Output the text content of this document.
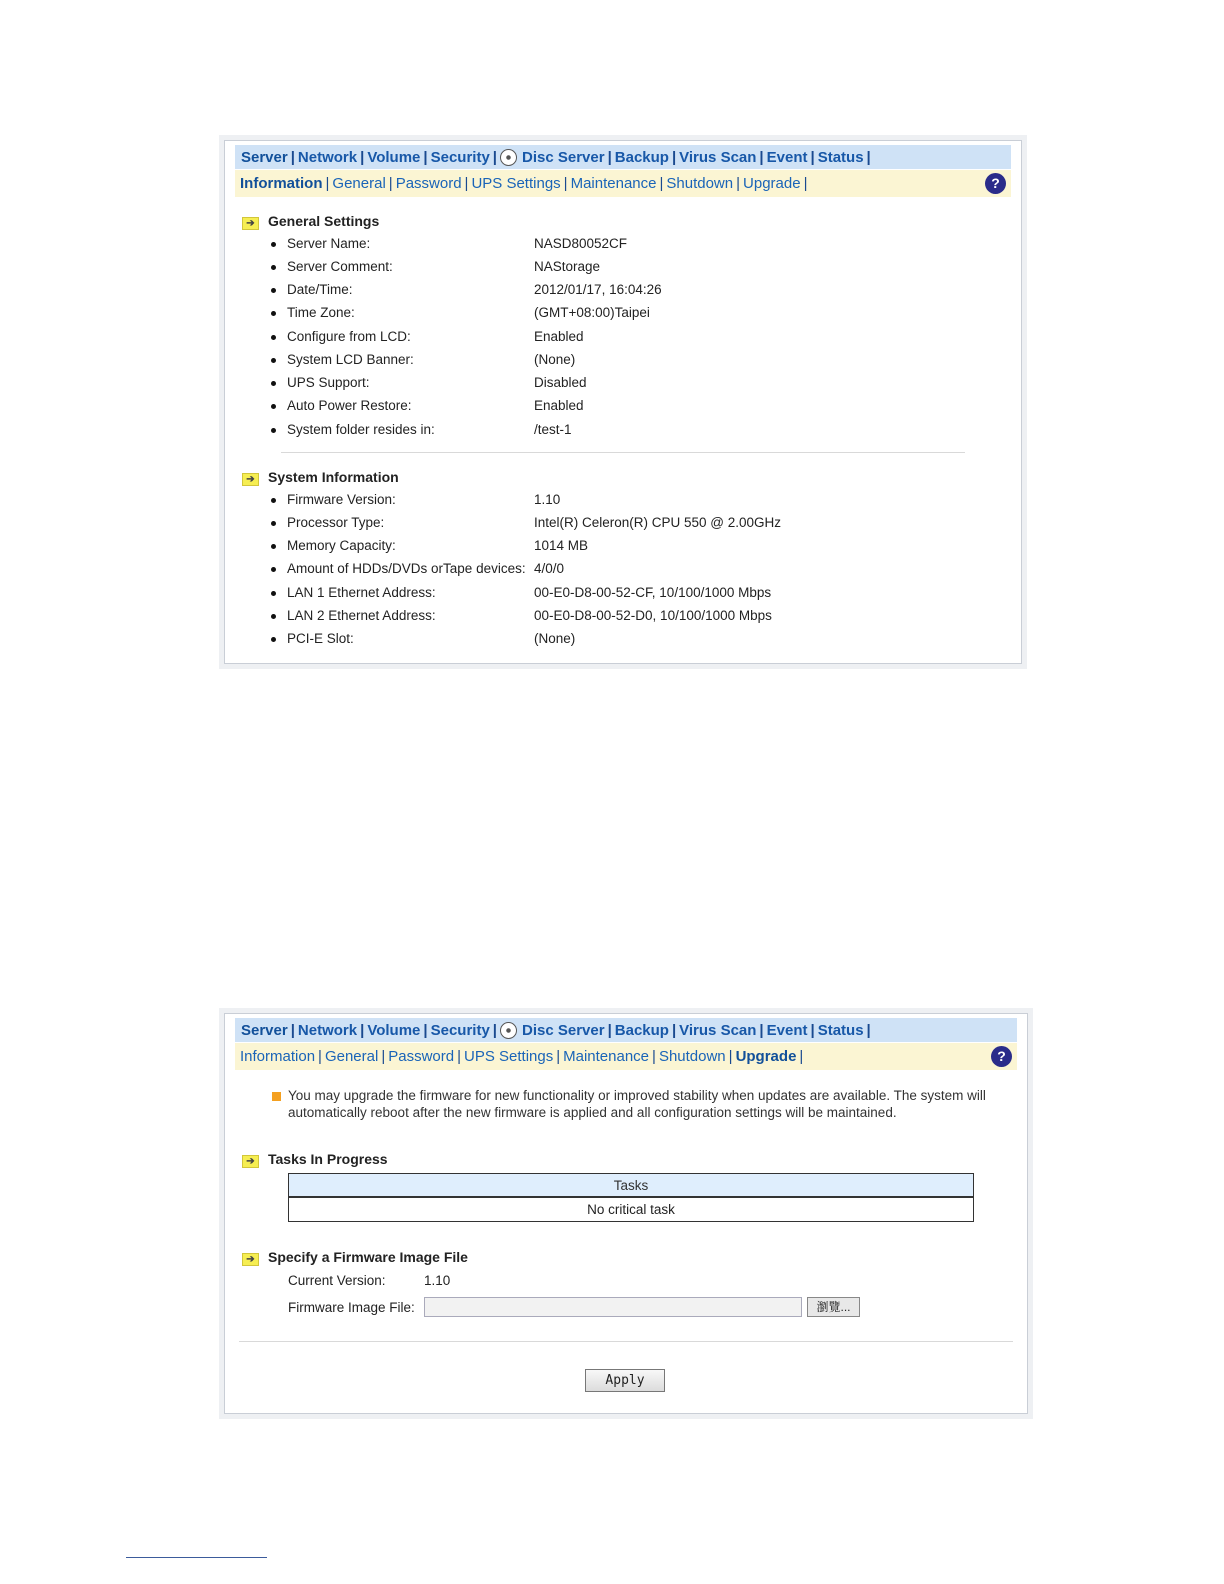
Server | Network | Volume | Security | Disc Server | Backup | Virus Scan | Event | Status |
Information | General | Password | UPS Settings | Maintenance | Shutdown | Upgrade |	?
➔ General Settings
Server Name:	NASD80052CF
Server Comment:	NAStorage
Date/Time:	2012/01/17, 16:04:26
Time Zone:	(GMT+08:00)Taipei
Configure from LCD:	Enabled
System LCD Banner:	(None)
UPS Support:	Disabled
Auto Power Restore:	Enabled
System folder resides in:	/test-1
➔ System Information
Firmware Version:	1.10
Processor Type:	Intel(R) Celeron(R) CPU 550 @ 2.00GHz
Memory Capacity:	1014 MB
Amount of HDDs/DVDs orTape devices: 4/0/0
LAN 1 Ethernet Address:	00-E0-D8-00-52-CF, 10/100/1000 Mbps
LAN 2 Ethernet Address:	00-E0-D8-00-52-D0, 10/100/1000 Mbps
PCI-E Slot:	(None)
Server | Network | Volume | Security | Disc Server | Backup | Virus Scan | Event | Status |
Information | General | Password | UPS Settings | Maintenance | Shutdown | Upgrade |	?
You may upgrade the firmware for new functionality or improved stability when updates are available. The system will automatically reboot after the new firmware is applied and all configuration settings will be maintained.
➔ Tasks In Progress
Tasks
No critical task
➔ Specify a Firmware Image File
Current Version:	1.10
Firmware Image File:	瀏覽...
Apply
